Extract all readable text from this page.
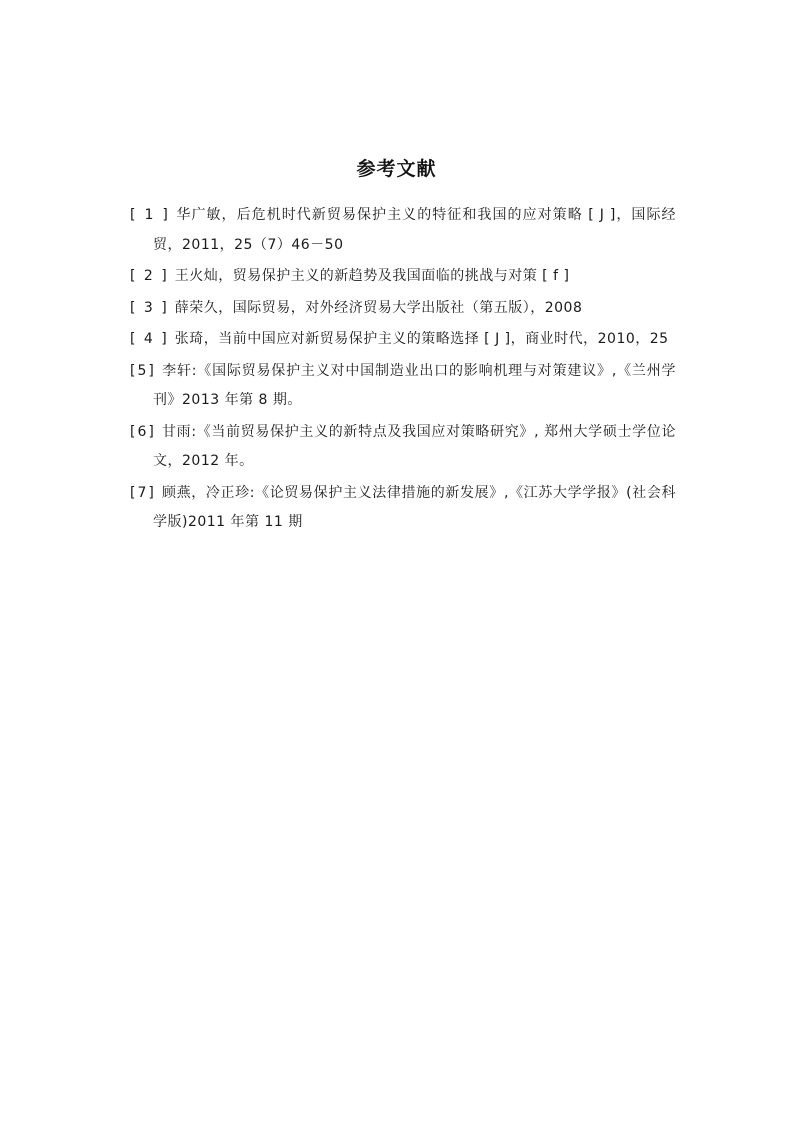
参考文献
[ 1 ] 华广敏，后危机时代新贸易保护主义的特征和我国的应对策略 [ J ]，国际经贸，2011，25（7）46－50
[ 2 ] 王火灿，贸易保护主义的新趋势及我国面临的挑战与对策 [ f ]
[ 3 ] 薛荣久，国际贸易，对外经济贸易大学出版社（第五版），2008
[ 4 ] 张琦，当前中国应对新贸易保护主义的策略选择 [ J ]，商业时代，2010，25
[5] 李轩:《国际贸易保护主义对中国制造业出口的影响机理与对策建议》,《兰州学刊》2013 年第 8 期。
[6] 甘雨:《当前贸易保护主义的新特点及我国应对策略研究》, 郑州大学硕士学位论文，2012 年。
[7] 顾燕，冷正珍:《论贸易保护主义法律措施的新发展》,《江苏大学学报》(社会科学版)2011 年第 11 期
